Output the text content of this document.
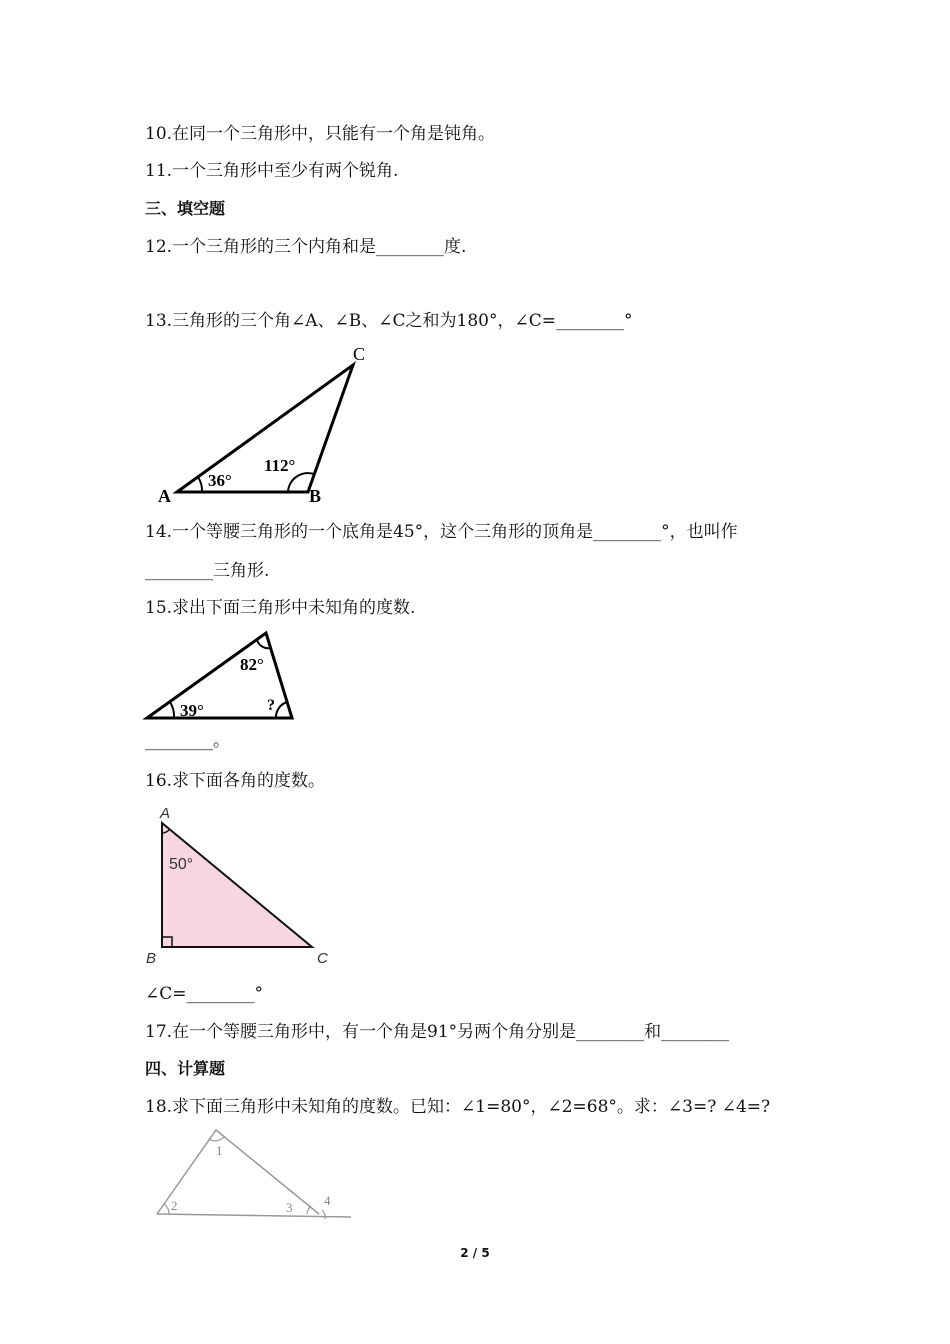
10.在同一个三角形中，只能有一个角是钝角。
11.一个三角形中至少有两个锐角.
三、填空题
12.一个三角形的三个内角和是________度.
13.三角形的三个角∠A、∠B、∠C之和为180°，∠C=________°
C
A	B
36°
112°
14.一个等腰三角形的一个底角是45°，这个三角形的顶角是________°，也叫作
________三角形.
15.求出下面三角形中未知角的度数.
82°
39°	?
________。
16.求下面各角的度数。
A
B	C
50°
∠C=________°
17.在一个等腰三角形中，有一个角是91°另两个角分别是________和________
四、计算题
18.求下面三角形中未知角的度数。已知：∠1=80°，∠2=68°。求：∠3=? ∠4=?
1
2	3 4
2 / 5
